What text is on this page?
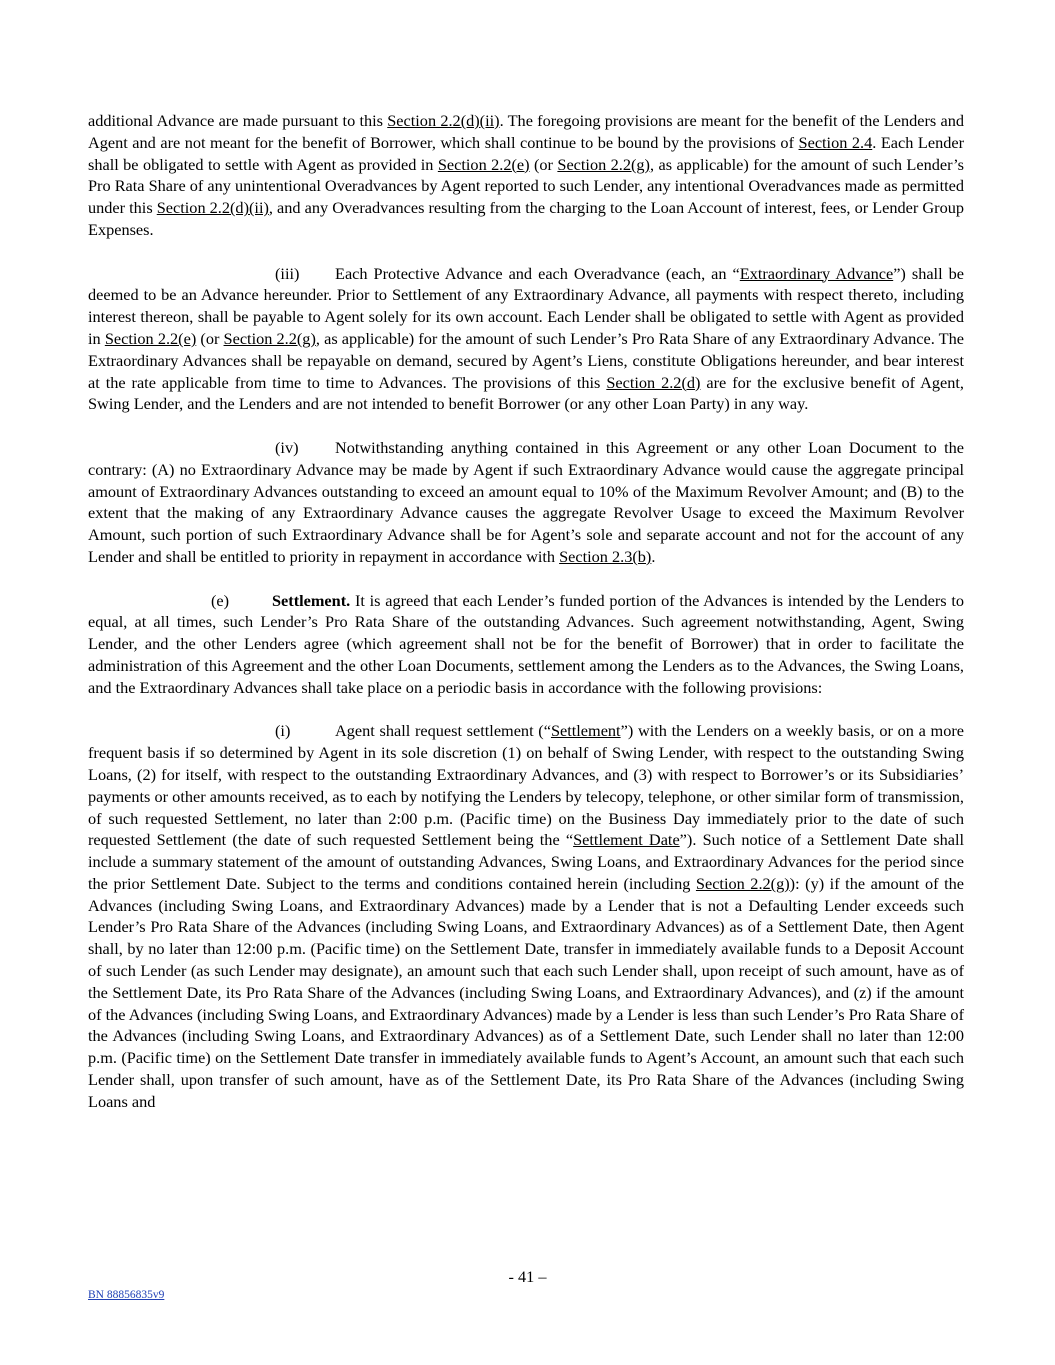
additional Advance are made pursuant to this Section 2.2(d)(ii). The foregoing provisions are meant for the benefit of the Lenders and Agent and are not meant for the benefit of Borrower, which shall continue to be bound by the provisions of Section 2.4. Each Lender shall be obligated to settle with Agent as provided in Section 2.2(e) (or Section 2.2(g), as applicable) for the amount of such Lender’s Pro Rata Share of any unintentional Overadvances by Agent reported to such Lender, any intentional Overadvances made as permitted under this Section 2.2(d)(ii), and any Overadvances resulting from the charging to the Loan Account of interest, fees, or Lender Group Expenses.

(iii) Each Protective Advance and each Overadvance (each, an “Extraordinary Advance”) shall be deemed to be an Advance hereunder. Prior to Settlement of any Extraordinary Advance, all payments with respect thereto, including interest thereon, shall be payable to Agent solely for its own account. Each Lender shall be obligated to settle with Agent as provided in Section 2.2(e) (or Section 2.2(g), as applicable) for the amount of such Lender’s Pro Rata Share of any Extraordinary Advance. The Extraordinary Advances shall be repayable on demand, secured by Agent’s Liens, constitute Obligations hereunder, and bear interest at the rate applicable from time to time to Advances. The provisions of this Section 2.2(d) are for the exclusive benefit of Agent, Swing Lender, and the Lenders and are not intended to benefit Borrower (or any other Loan Party) in any way.

(iv) Notwithstanding anything contained in this Agreement or any other Loan Document to the contrary: (A) no Extraordinary Advance may be made by Agent if such Extraordinary Advance would cause the aggregate principal amount of Extraordinary Advances outstanding to exceed an amount equal to 10% of the Maximum Revolver Amount; and (B) to the extent that the making of any Extraordinary Advance causes the aggregate Revolver Usage to exceed the Maximum Revolver Amount, such portion of such Extraordinary Advance shall be for Agent’s sole and separate account and not for the account of any Lender and shall be entitled to priority in repayment in accordance with Section 2.3(b).

(e)	Settlement. It is agreed that each Lender’s funded portion of the Advances is intended by the Lenders to equal, at all times, such Lender’s Pro Rata Share of the outstanding Advances. Such agreement notwithstanding, Agent, Swing Lender, and the other Lenders agree (which agreement shall not be for the benefit of Borrower) that in order to facilitate the administration of this Agreement and the other Loan Documents, settlement among the Lenders as to the Advances, the Swing Loans, and the Extraordinary Advances shall take place on a periodic basis in accordance with the following provisions:

(i)	Agent shall request settlement (“Settlement”) with the Lenders on a weekly basis, or on a more frequent basis if so determined by Agent in its sole discretion (1) on behalf of Swing Lender, with respect to the outstanding Swing Loans, (2) for itself, with respect to the outstanding Extraordinary Advances, and (3) with respect to Borrower’s or its Subsidiaries’ payments or other amounts received, as to each by notifying the Lenders by telecopy, telephone, or other similar form of transmission, of such requested Settlement, no later than 2:00 p.m. (Pacific time) on the Business Day immediately prior to the date of such requested Settlement (the date of such requested Settlement being the “Settlement Date”). Such notice of a Settlement Date shall include a summary statement of the amount of outstanding Advances, Swing Loans, and Extraordinary Advances for the period since the prior Settlement Date. Subject to the terms and conditions contained herein (including Section 2.2(g)): (y) if the amount of the Advances (including Swing Loans, and Extraordinary Advances) made by a Lender that is not a Defaulting Lender exceeds such Lender’s Pro Rata Share of the Advances (including Swing Loans, and Extraordinary Advances) as of a Settlement Date, then Agent shall, by no later than 12:00 p.m. (Pacific time) on the Settlement Date, transfer in immediately available funds to a Deposit Account of such Lender (as such Lender may designate), an amount such that each such Lender shall, upon receipt of such amount, have as of the Settlement Date, its Pro Rata Share of the Advances (including Swing Loans, and Extraordinary Advances), and (z) if the amount of the Advances (including Swing Loans, and Extraordinary Advances) made by a Lender is less than such Lender’s Pro Rata Share of the Advances (including Swing Loans, and Extraordinary Advances) as of a Settlement Date, such Lender shall no later than 12:00 p.m. (Pacific time) on the Settlement Date transfer in immediately available funds to Agent’s Account, an amount such that each such Lender shall, upon transfer of such amount, have as of the Settlement Date, its Pro Rata Share of the Advances (including Swing Loans and

- 41 –
BN 88856835v9
